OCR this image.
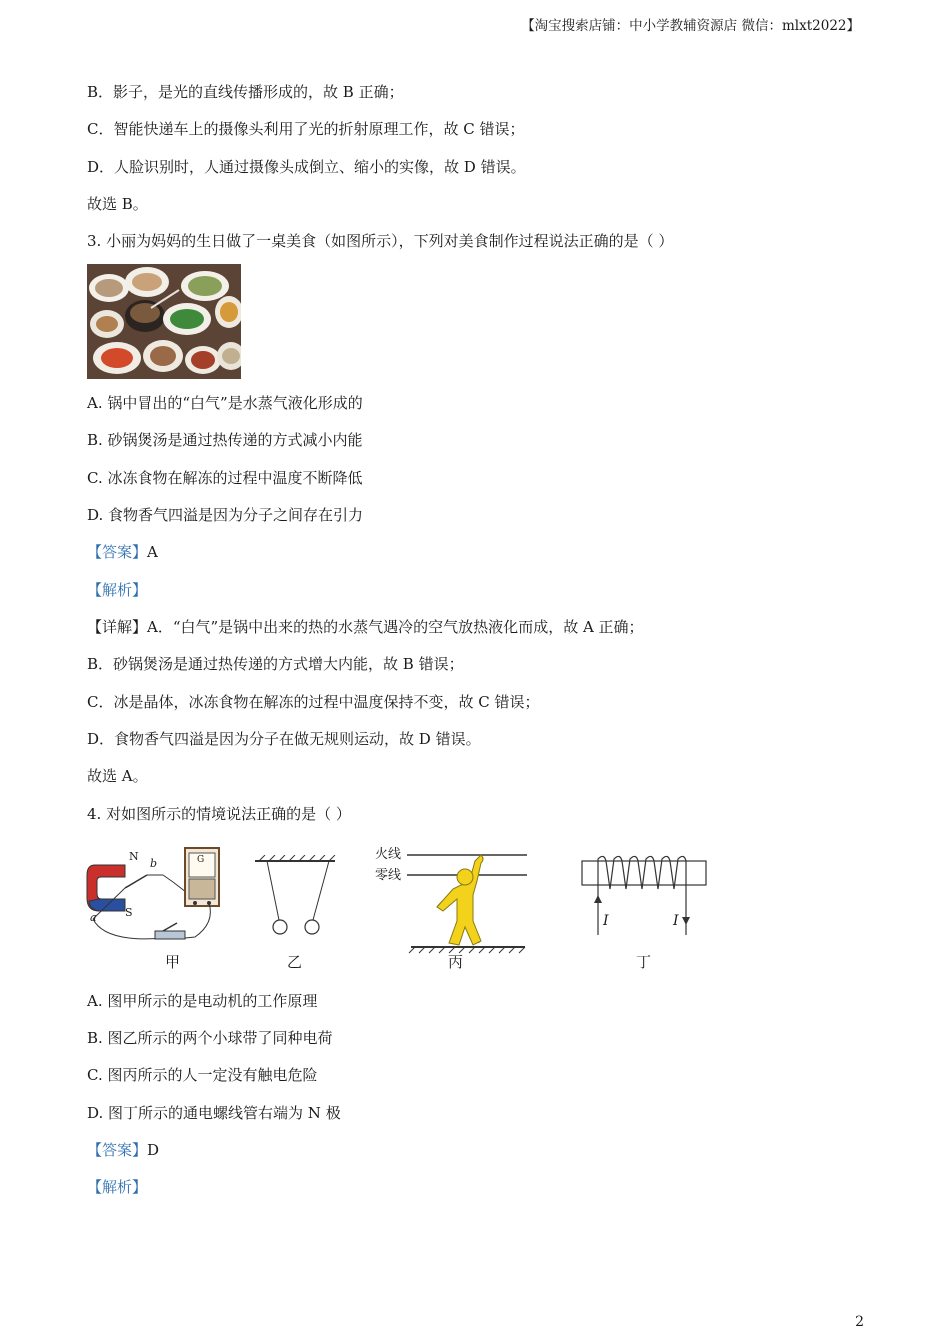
【淘宝搜索店铺：中小学教辅资源店 微信：mlxt2022】
B．影子，是光的直线传播形成的，故 B 正确；
C．智能快递车上的摄像头利用了光的折射原理工作，故 C 错误；
D．人脸识别时，人通过摄像头成倒立、缩小的实像，故 D 错误。
故选 B。
3. 小丽为妈妈的生日做了一桌美食（如图所示），下列对美食制作过程说法正确的是（ ）
A. 锅中冒出的“白气”是水蒸气液化形成的
B. 砂锅煲汤是通过热传递的方式减小内能
C. 冰冻食物在解冻的过程中温度不断降低
D. 食物香气四溢是因为分子之间存在引力
【答案】A
【解析】
【详解】A．“白气”是锅中出来的热的水蒸气遇冷的空气放热液化而成，故 A 正确；
B．砂锅煲汤是通过热传递的方式增大内能，故 B 错误；
C．冰是晶体，冰冻食物在解冻的过程中温度保持不变，故 C 错误；
D．食物香气四溢是因为分子在做无规则运动，故 D 错误。
故选 A。
4. 对如图所示的情境说法正确的是（ ）
N
S
a
b	G
甲	乙
火线
零线
丙
I	I
丁
A. 图甲所示的是电动机的工作原理
B. 图乙所示的两个小球带了同种电荷
C. 图丙所示的人一定没有触电危险
D. 图丁所示的通电螺线管右端为 N 极
【答案】D
【解析】
2
